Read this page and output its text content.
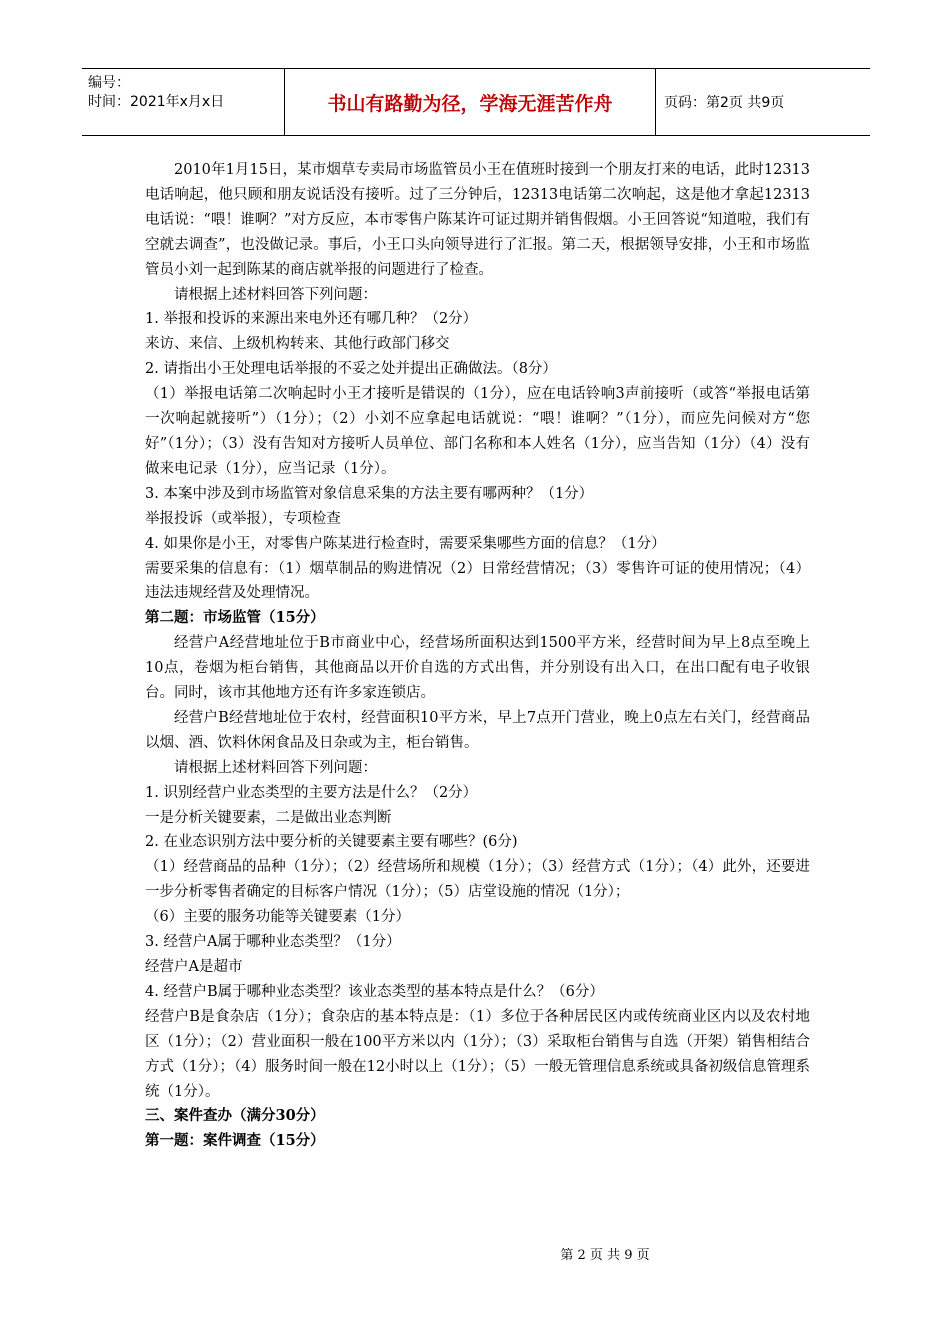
编号：
时间：2021年x月x日	书山有路勤为径，学海无涯苦作舟	页码：第2页 共9页

2010年1月15日，某市烟草专卖局市场监管员小王在值班时接到一个朋友打来的电话，此时12313电话响起，他只顾和朋友说话没有接听。过了三分钟后，12313电话第二次响起，这是他才拿起12313电话说：“喂！谁啊？”对方反应，本市零售户陈某许可证过期并销售假烟。小王回答说“知道啦，我们有空就去调查”，也没做记录。事后，小王口头向领导进行了汇报。第二天，根据领导安排，小王和市场监管员小刘一起到陈某的商店就举报的问题进行了检查。

请根据上述材料回答下列问题：

1. 举报和投诉的来源出来电外还有哪几种？（2分）

来访、来信、上级机构转来、其他行政部门移交

2. 请指出小王处理电话举报的不妥之处并提出正确做法。（8分）

（1）举报电话第二次响起时小王才接听是错误的（1分），应在电话铃响3声前接听（或答“举报电话第一次响起就接听”）（1分）；（2）小刘不应拿起电话就说：“喂！谁啊？”（1分），而应先问候对方“您好”（1分）；（3）没有告知对方接听人员单位、部门名称和本人姓名（1分），应当告知（1分）（4）没有做来电记录（1分），应当记录（1分）。

3. 本案中涉及到市场监管对象信息采集的方法主要有哪两种？（1分）

举报投诉（或举报），专项检查

4. 如果你是小王，对零售户陈某进行检查时，需要采集哪些方面的信息？（1分）

需要采集的信息有：（1）烟草制品的购进情况（2）日常经营情况；（3）零售许可证的使用情况；（4）违法违规经营及处理情况。

第二题：市场监管（15分）

经营户A经营地址位于B市商业中心，经营场所面积达到1500平方米，经营时间为早上8点至晚上10点，卷烟为柜台销售，其他商品以开价自选的方式出售，并分别设有出入口，在出口配有电子收银台。同时，该市其他地方还有许多家连锁店。

经营户B经营地址位于农村，经营面积10平方米，早上7点开门营业，晚上0点左右关门，经营商品以烟、酒、饮料休闲食品及日杂或为主，柜台销售。

请根据上述材料回答下列问题：

1. 识别经营户业态类型的主要方法是什么？（2分）

一是分析关键要素，二是做出业态判断

2. 在业态识别方法中要分析的关键要素主要有哪些？(6分)

（1）经营商品的品种（1分）；（2）经营场所和规模（1分）；（3）经营方式（1分）；（4）此外，还要进一步分析零售者确定的目标客户情况（1分）；（5）店堂设施的情况（1分）；

（6）主要的服务功能等关键要素（1分）

3. 经营户A属于哪种业态类型？（1分）

经营户A是超市

4. 经营户B属于哪种业态类型？该业态类型的基本特点是什么？（6分）

经营户B是食杂店（1分）；食杂店的基本特点是：（1）多位于各种居民区内或传统商业区内以及农村地区（1分）；（2）营业面积一般在100平方米以内（1分）；（3）采取柜台销售与自选（开架）销售相结合方式（1分）；（4）服务时间一般在12小时以上（1分）；（5）一般无管理信息系统或具备初级信息管理系统（1分）。

三、案件查办（满分30分）

第一题：案件调查（15分）

第 2 页 共 9 页
